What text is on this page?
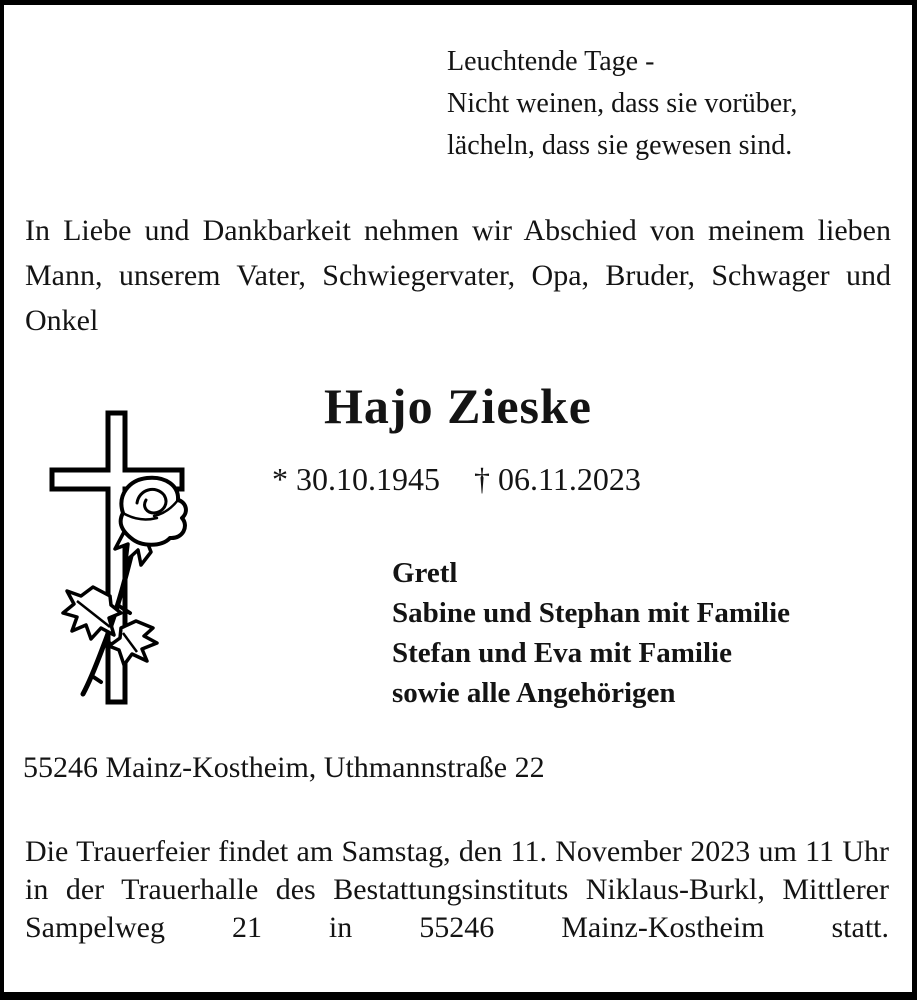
Leuchtende Tage -
Nicht weinen, dass sie vorüber,
lächeln, dass sie gewesen sind.
In Liebe und Dankbarkeit nehmen wir Abschied von meinem lieben Mann, unserem Vater, Schwiegervater, Opa, Bruder, Schwager und Onkel
Hajo Zieske
* 30.10.1945 † 06.11.2023
Gretl
Sabine und Stephan mit Familie
Stefan und Eva mit Familie
sowie alle Angehörigen
55246 Mainz-Kostheim, Uthmannstraße 22
Die Trauerfeier findet am Samstag, den 11. November 2023 um 11 Uhr in der Trauerhalle des Bestattungsinstituts Niklaus-Burkl, Mittlerer Sampelweg 21 in 55246 Mainz-Kostheim statt.
